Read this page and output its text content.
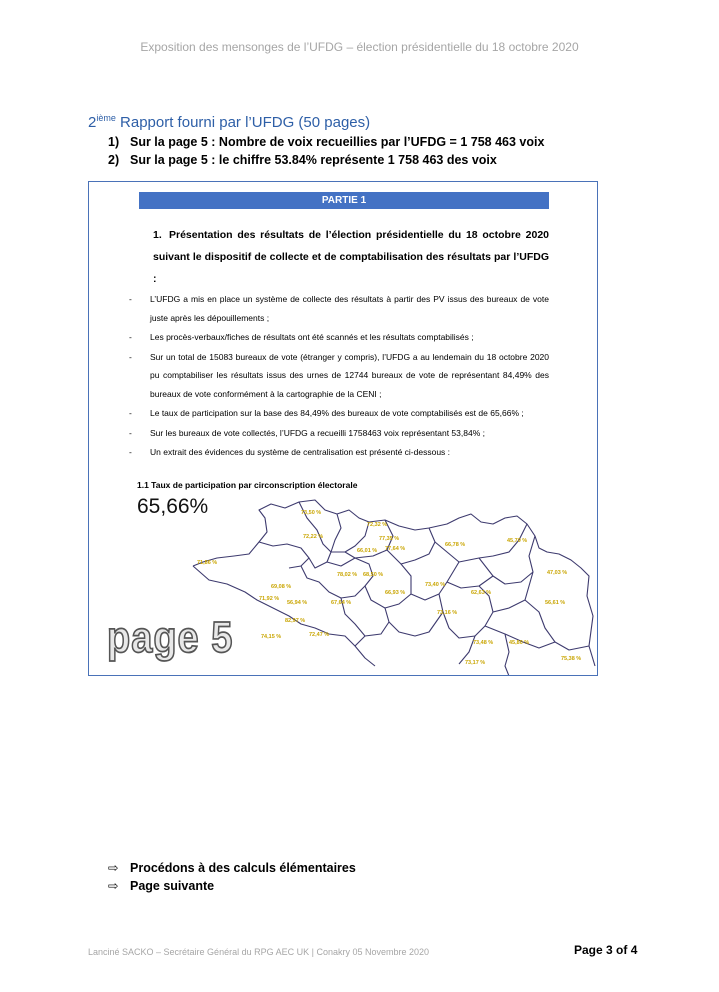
Exposition des mensonges de l’UFDG – élection présidentielle du 18 octobre 2020
2ième Rapport fourni par l’UFDG (50 pages)
1) Sur la page 5 : Nombre de voix recueillies par l’UFDG = 1 758 463 voix
2) Sur la page 5 : le chiffre 53.84% représente 1 758 463 des voix
PARTIE 1
1. Présentation des résultats de l’élection présidentielle du 18 octobre 2020 suivant le dispositif de collecte et de comptabilisation des résultats par l’UFDG :
- L’UFDG a mis en place un système de collecte des résultats à partir des PV issus des bureaux de vote juste après les dépouillements ;
- Les procès-verbaux/fiches de résultats ont été scannés et les résultats comptabilisés ;
- Sur un total de 15083 bureaux de vote (étranger y compris), l’UFDG a au lendemain du 18 octobre 2020 pu comptabiliser les résultats issus des urnes de 12744 bureaux de vote de représentant 84,49% des bureaux de vote conformément à la cartographie de la CENI ;
- Le taux de participation sur la base des 84,49% des bureaux de vote comptabilisés est de 65,66% ;
- Sur les bureaux de vote collectés, l’UFDG a recueilli 1758463 voix représentant 53,84% ;
- Un extrait des évidences du système de centralisation est présenté ci-dessous :
1.1 Taux de participation par circonscription électorale
65,66%	73,50 %
72,32 %
72,22 %	77,35 %
66,01 % 77,64 %
66,78 %
45,70 %
71,86 %
47,03 %
78,02 % 68,50 %
73,40 %
69,08 %
66,93 %
71,92 %
56,94 %	67,64 %
62,63 %
56,61 %
73,16 %
82,97 %
74,15 %	72,47 %
73,48 %	45,80 %
75,38 %
73,17 %
page 5
⇨ Procédons à des calculs élémentaires
⇨ Page suivante
Lanciné SACKO – Secrétaire Général du RPG AEC UK | Conakry 05 Novembre 2020	Page 3 of 4
